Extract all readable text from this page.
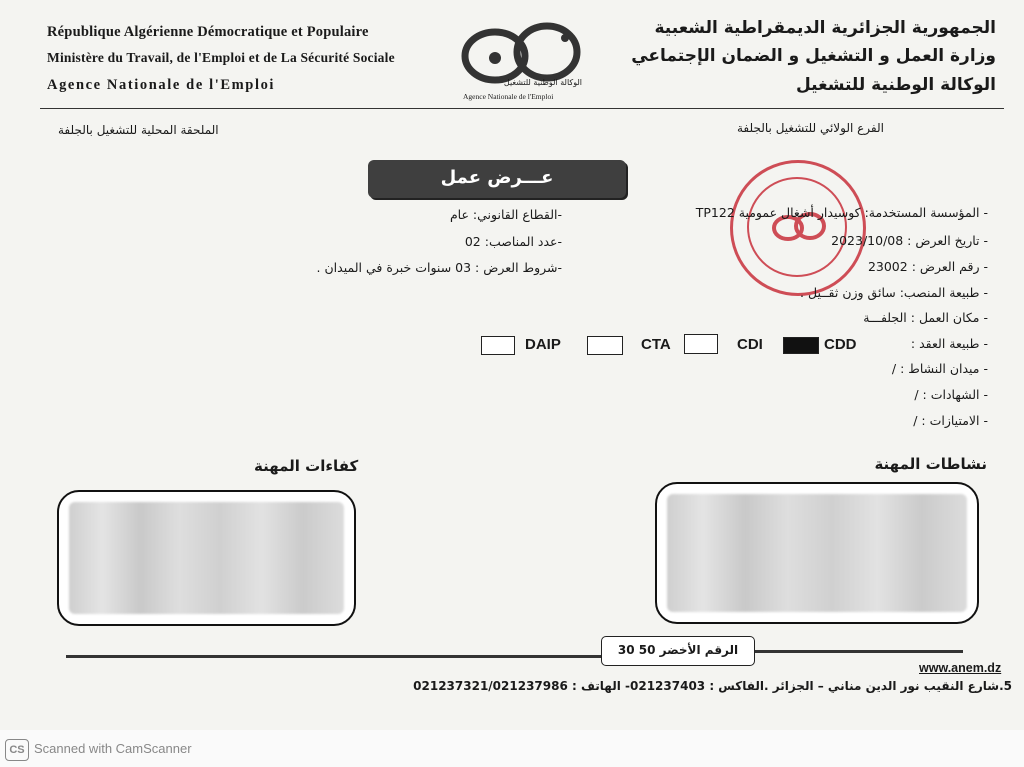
République Algérienne Démocratique et Populaire
Ministère du Travail, de l'Emploi et de La Sécurité Sociale
Agence Nationale de l'Emploi	الوكالة الوطنية للتشغيل
Agence Nationale de l'Emploi
الجمهورية الجزائرية الديمقراطية الشعبية
وزارة العمل و التشغيل و الضمان الإجتماعي
الوكالة الوطنية للتشغيل
الملحقة المحلية للتشغيل بالجلفة	الفرع الولائي للتشغيل بالجلفة
عـــرض عمل
- المؤسسة المستخدمة: كوسيدار أشغال عمومية TP122
- تاريخ العرض : 2023/10/08
- رقم العرض : 23002
- طبيعة المنصب: سائق وزن ثقــيل .
- مكان العمل : الجلفـــة
- طبيعة العقد :
- ميدان النشاط : /
- الشهادات : /
- الامتيازات : /
-القطاع القانوني: عام
-عدد المناصب: 02
-شروط العرض : 03 سنوات خبرة في الميدان .
DAIP	CTA	CDI	CDD
كفاءات المهنة	نشاطات المهنة
الرقم الأخضر 50 30
www.anem.dz
5.شارع النقيب نور الدين مناني – الجزائر .الفاكس : 021237403- الهاتف : 021237321/021237986
CS Scanned with CamScanner
